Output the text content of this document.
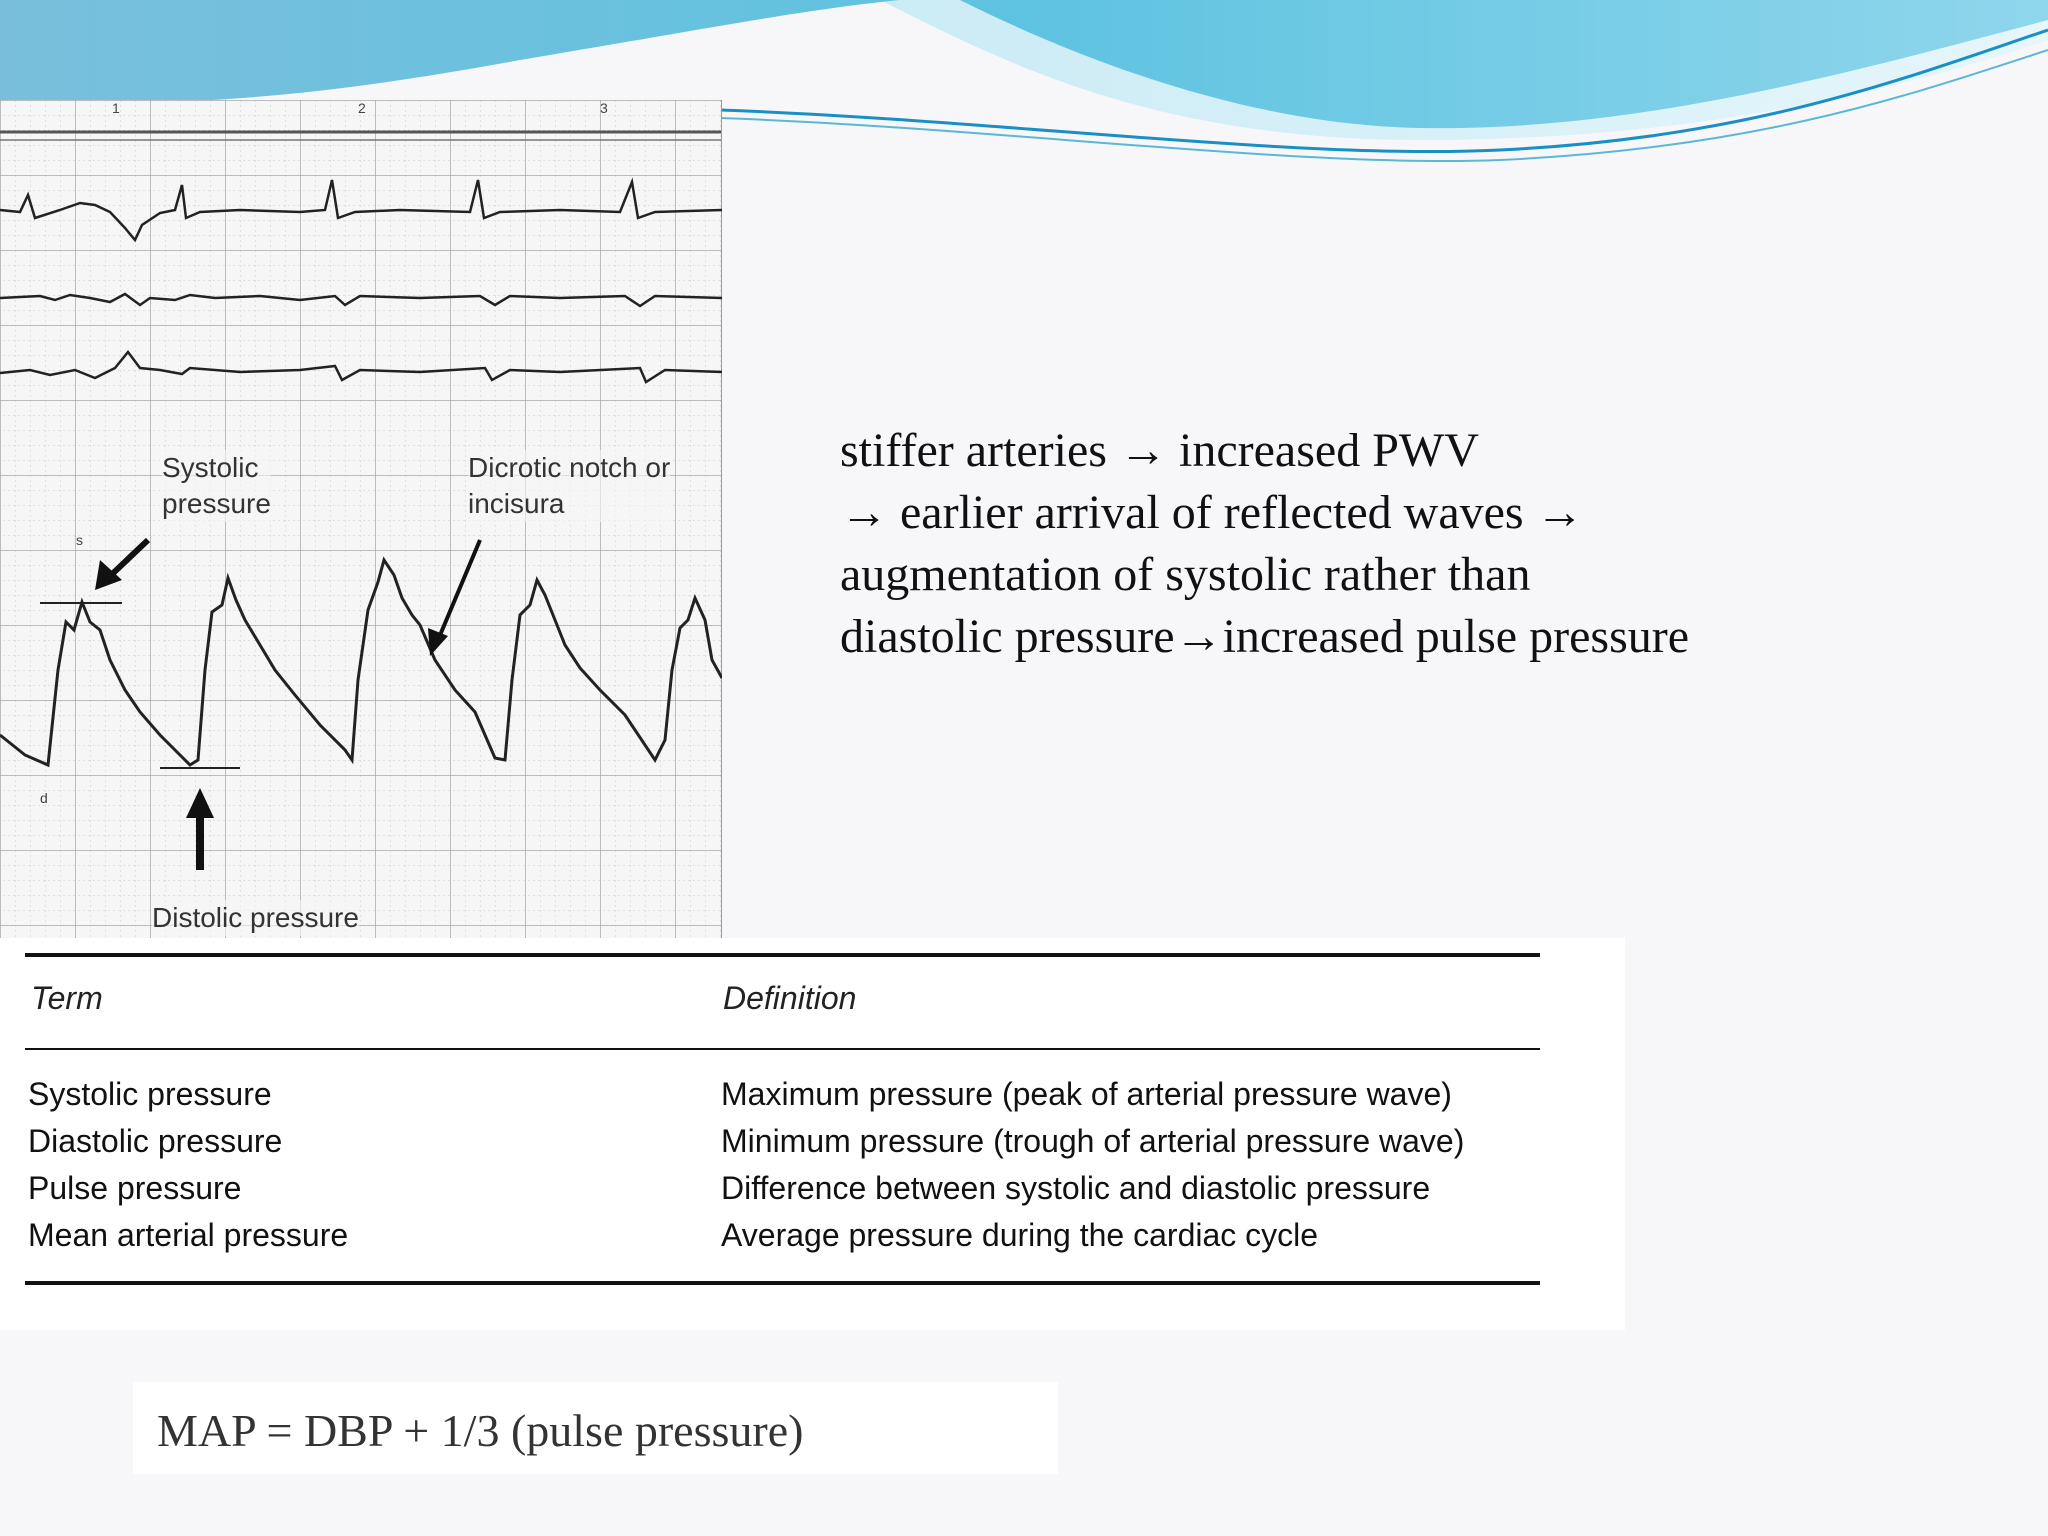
1	2	3
s
d
Systolic
pressure
Dicrotic notch or
incisura
Distolic pressure
stiffer arteries → increased PWV
→ earlier arrival of reflected waves →
augmentation of systolic rather than
diastolic pressure→increased pulse pressure
Term	Definition
Systolic pressure	Maximum pressure (peak of arterial pressure wave)
Diastolic pressure	Minimum pressure (trough of arterial pressure wave)
Pulse pressure	Difference between systolic and diastolic pressure
Mean arterial pressure	Average pressure during the cardiac cycle
MAP = DBP + 1/3 (pulse pressure)
